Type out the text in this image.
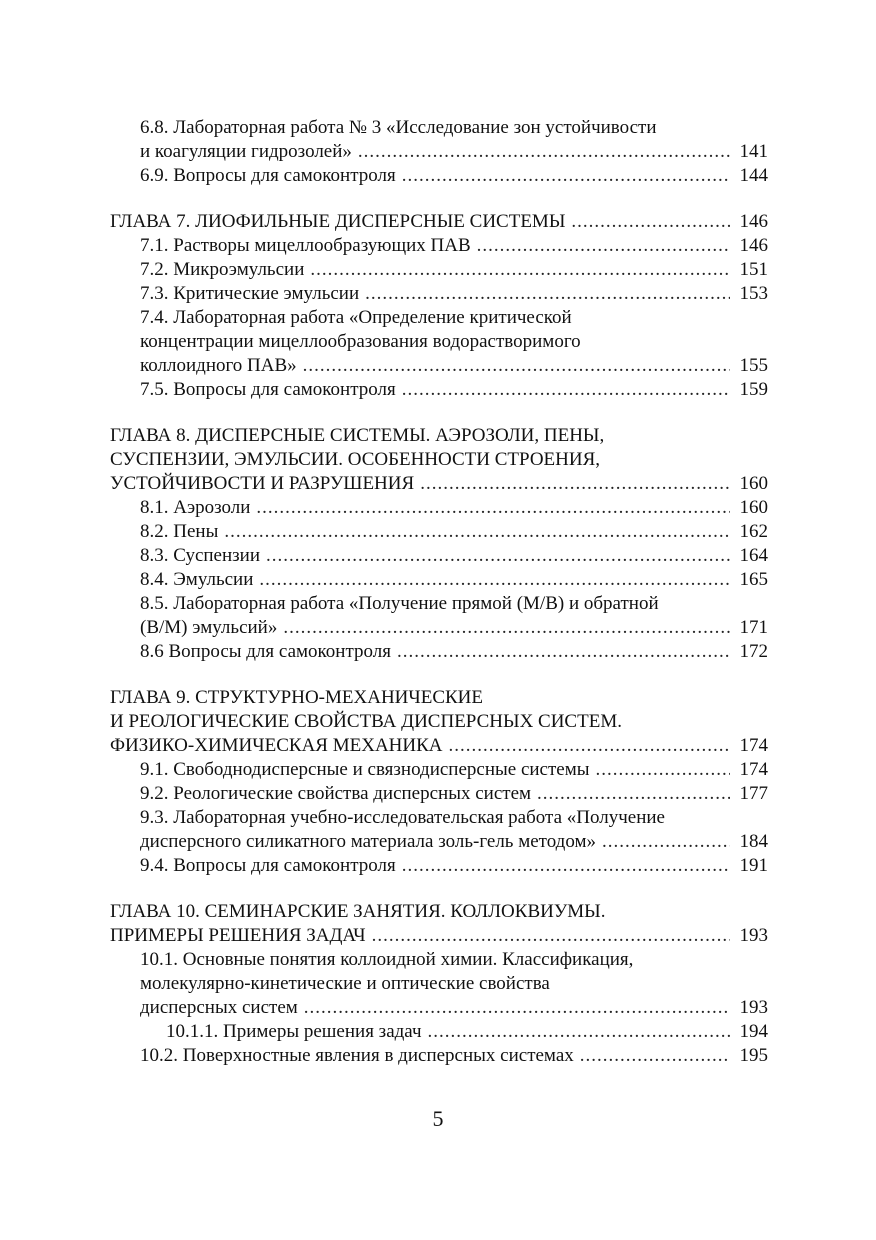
6.8. Лабораторная работа № 3 «Исследование зон устойчивости
и коагуляции гидрозолей» .....	141
6.9. Вопросы для самоконтроля .....	144
ГЛАВА 7. ЛИОФИЛЬНЫЕ ДИСПЕРСНЫЕ СИСТЕМЫ .....	146
7.1. Растворы мицеллообразующих ПАВ .....	146
7.2. Микроэмульсии .....	151
7.3. Критические эмульсии .....	153
7.4. Лабораторная работа «Определение критической
концентрации мицеллообразования водорастворимого
коллоидного ПАВ» .....	155
7.5. Вопросы для самоконтроля .....	159
ГЛАВА 8. ДИСПЕРСНЫЕ СИСТЕМЫ. АЭРОЗОЛИ, ПЕНЫ,
СУСПЕНЗИИ, ЭМУЛЬСИИ. ОСОБЕННОСТИ СТРОЕНИЯ,
УСТОЙЧИВОСТИ И РАЗРУШЕНИЯ .....	160
8.1. Аэрозоли .....	160
8.2. Пены .....	162
8.3. Суспензии .....	164
8.4. Эмульсии .....	165
8.5. Лабораторная работа «Получение прямой (М/В) и обратной
(В/М) эмульсий» .....	171
8.6 Вопросы для самоконтроля .....	172
ГЛАВА 9. СТРУКТУРНО-МЕХАНИЧЕСКИЕ
И РЕОЛОГИЧЕСКИЕ СВОЙСТВА ДИСПЕРСНЫХ СИСТЕМ.
ФИЗИКО-ХИМИЧЕСКАЯ МЕХАНИКА .....	174
9.1. Свободнодисперсные и связнодисперсные системы .....	174
9.2. Реологические свойства дисперсных систем .....	177
9.3. Лабораторная учебно-исследовательская работа «Получение
дисперсного силикатного материала золь-гель методом» .....	184
9.4. Вопросы для самоконтроля .....	191
ГЛАВА 10. СЕМИНАРСКИЕ ЗАНЯТИЯ. КОЛЛОКВИУМЫ.
ПРИМЕРЫ РЕШЕНИЯ ЗАДАЧ .....	193
10.1. Основные понятия коллоидной химии. Классификация,
молекулярно-кинетические и оптические свойства
дисперсных систем .....	193
10.1.1. Примеры решения задач .....	194
10.2. Поверхностные явления в дисперсных системах .....	195
5
